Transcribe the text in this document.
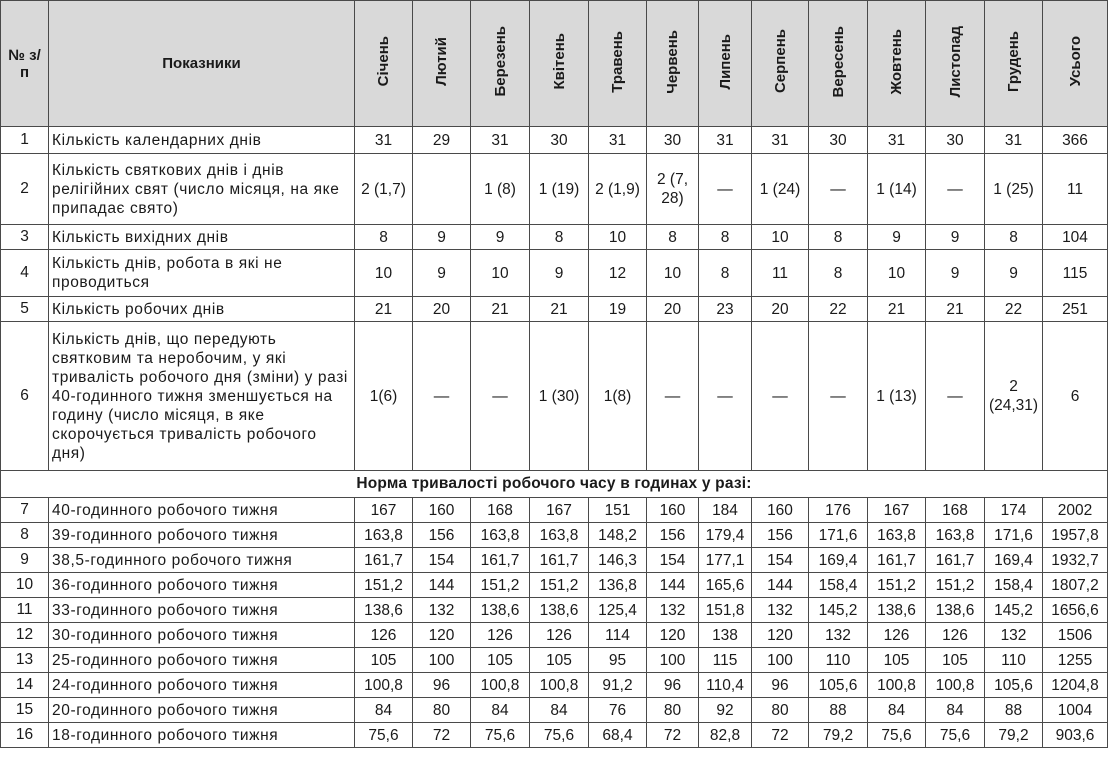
№ з/п	Показники	Січень	Лютий	Березень	Квітень	Травень	Червень	Липень	Серпень	Вересень	Жовтень	Листопад	Грудень	Усього
1	Кількість календарних днів	31	29	31	30	31	30	31	31	30	31	30	31	366
2	Кількість святкових днів і днів релігійних свят (число місяця, на яке припадає свято)	2 (1,7)		1 (8)	1 (19)	2 (1,9)	2 (7, 28)	—	1 (24)	—	1 (14)	—	1 (25)	11
3	Кількість вихідних днів	8	9	9	8	10	8	8	10	8	9	9	8	104
4	Кількість днів, робота в які не проводиться	10	9	10	9	12	10	8	11	8	10	9	9	115
5	Кількість робочих днів	21	20	21	21	19	20	23	20	22	21	21	22	251
6	Кількість днів, що передують святковим та неробочим, у які тривалість робочого дня (зміни) у разі 40-годинного тижня зменшується на годину (число місяця, в яке скорочується тривалість робочого дня)	1(6)	—	—	1 (30)	1(8)	—	—	—	—	1 (13)	—	2 (24,31)	6
Норма тривалості робочого часу в годинах у разі:														
7	40-годинного робочого тижня	167	160	168	167	151	160	184	160	176	167	168	174	2002
8	39-годинного робочого тижня	163,8	156	163,8	163,8	148,2	156	179,4	156	171,6	163,8	163,8	171,6	1957,8
9	38,5-годинного робочого тижня	161,7	154	161,7	161,7	146,3	154	177,1	154	169,4	161,7	161,7	169,4	1932,7
10	36-годинного робочого тижня	151,2	144	151,2	151,2	136,8	144	165,6	144	158,4	151,2	151,2	158,4	1807,2
11	33-годинного робочого тижня	138,6	132	138,6	138,6	125,4	132	151,8	132	145,2	138,6	138,6	145,2	1656,6
12	30-годинного робочого тижня	126	120	126	126	114	120	138	120	132	126	126	132	1506
13	25-годинного робочого тижня	105	100	105	105	95	100	115	100	110	105	105	110	1255
14	24-годинного робочого тижня	100,8	96	100,8	100,8	91,2	96	110,4	96	105,6	100,8	100,8	105,6	1204,8
15	20-годинного робочого тижня	84	80	84	84	76	80	92	80	88	84	84	88	1004
16	18-годинного робочого тижня	75,6	72	75,6	75,6	68,4	72	82,8	72	79,2	75,6	75,6	79,2	903,6
